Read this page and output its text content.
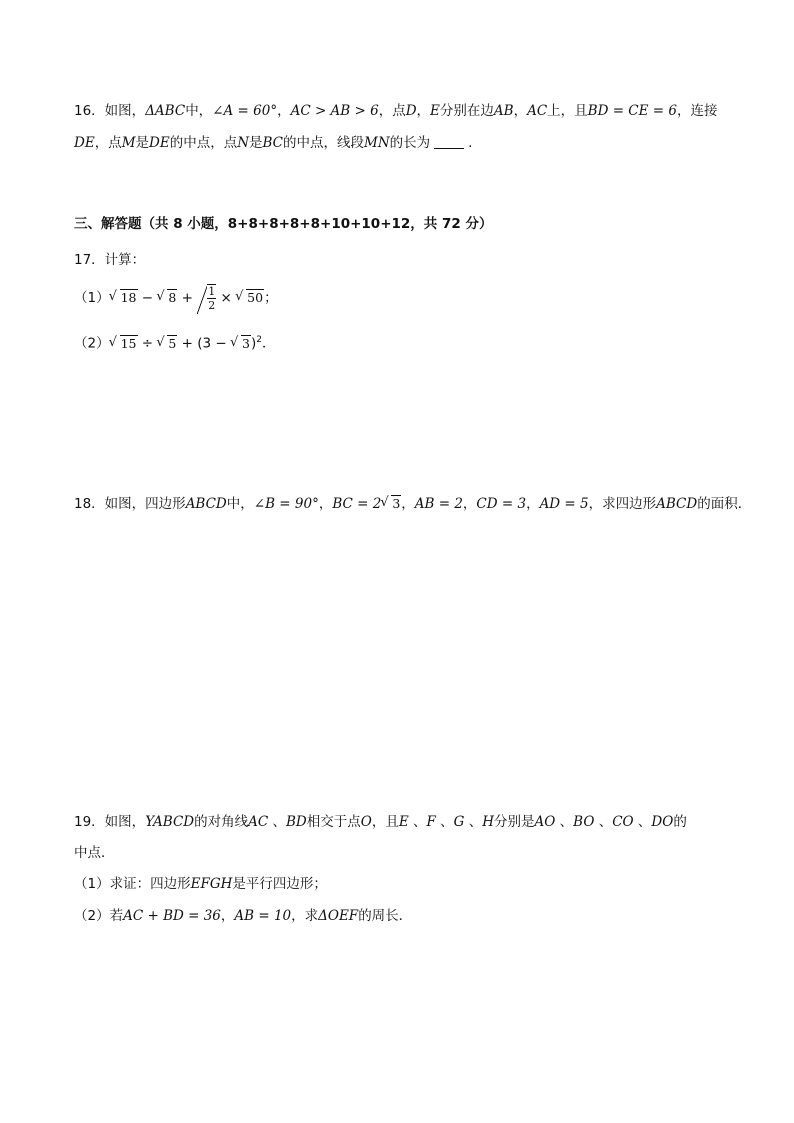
16．如图，ΔABC中，∠A = 60°，AC > AB > 6，点D，E分别在边AB，AC上，且BD = CE = 6，连接
DE，点M是DE的中点，点N是BC的中点，线段MN的长为	.
三、解答题（共 8 小题，8+8+8+8+8+10+10+12，共 72 分）
17．计算：
（1） √ 18 − √ $8 + \frac{1}{2}$ × √ 50；
（2） √ 15 ÷ √ 5 + (3 − √ 3)$^2$．
18．如图，四边形ABCD中，∠B = 90°，BC = 2 √ 3，AB = 2，CD = 3，AD = 5，求四边形ABCD的面积．
19．如图，YABCD的对角线AC 、BD相交于点O，且E 、F 、G 、H分别是AO 、BO 、CO 、DO的
中点．
（1）求证：四边形EFGH是平行四边形；
（2）若AC + BD = 36，AB = 10，求ΔOEF的周长．
